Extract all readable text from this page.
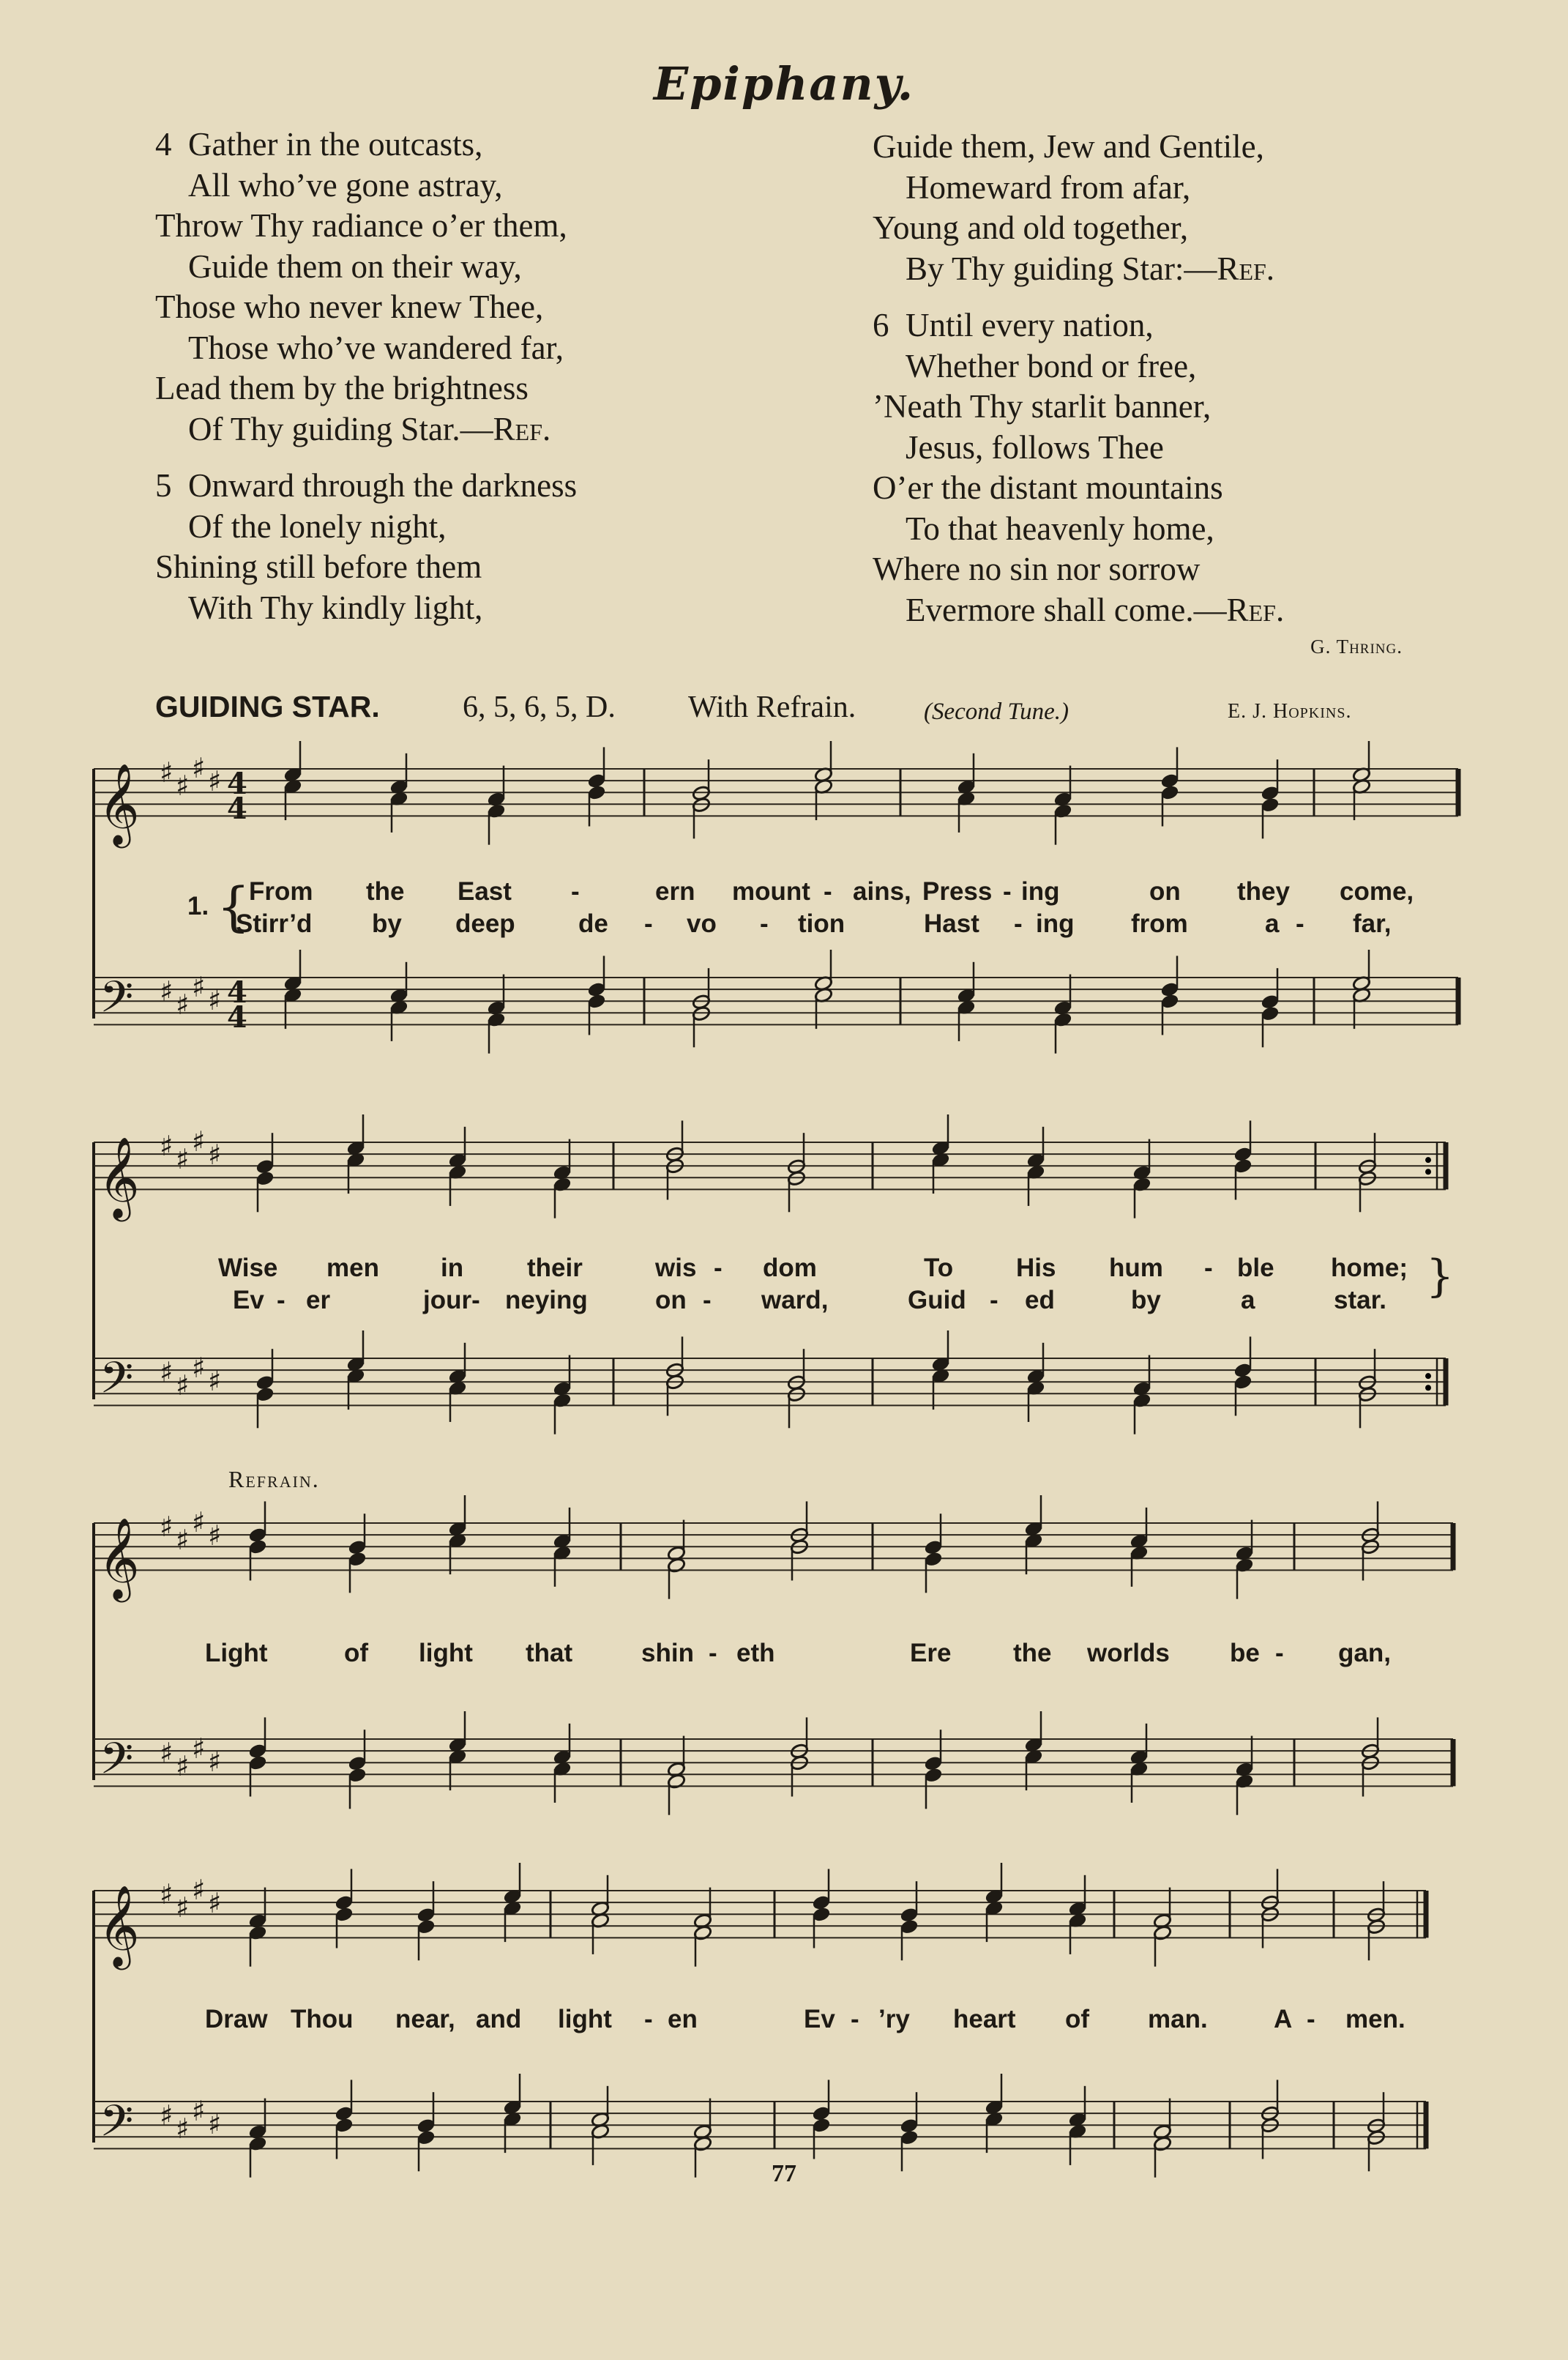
Epiphany.
4 Gather in the outcasts,
All who’ve gone astray,
Throw Thy radiance o’er them,
Guide them on their way,
Those who never knew Thee,
Those who’ve wandered far,
Lead them by the brightness
Of Thy guiding Star.—Ref.
5 Onward through the darkness
Of the lonely night,
Shining still before them
With Thy kindly light,
Guide them, Jew and Gentile,
Homeward from afar,
Young and old together,
By Thy guiding Star:—Ref.
6 Until every nation,
Whether bond or free,
’Neath Thy starlit banner,
Jesus, follows Thee
O’er the distant mountains
To that heavenly home,
Where no sin nor sorrow
Evermore shall come.—Ref.
G. Thring.
GUIDING STAR.	6, 5, 6, 5, D. With Refrain.	(Second Tune.)	E. J. Hopkins.
𝄞 ♯ ♯
♯ ♯ 4
4
𝄢 ♯ ♯
♯ ♯ 4
4
𝄞 ♯ ♯
♯ ♯
𝄢 ♯ ♯
♯ ♯
𝄞 ♯ ♯
♯ ♯
𝄢 ♯ ♯
♯ ♯
𝄞 ♯ ♯
♯ ♯
𝄢 ♯ ♯
♯ ♯
From the East -	ern mount - ains, Press - ing	on they come,
Stirr’d by deep de - vo - tion	Hast - ing from	a - far,
Wise men in their	wis - dom	To His hum - ble home;
Ev - er	jour- neying	on - ward,	Guid - ed	by	a	star.
Light	of light that	shin - eth	Ere the worlds be - gan,
Draw Thou near, and light - en	Ev - ’ry heart of man.	A - men.
1. {
}
Refrain.
77
